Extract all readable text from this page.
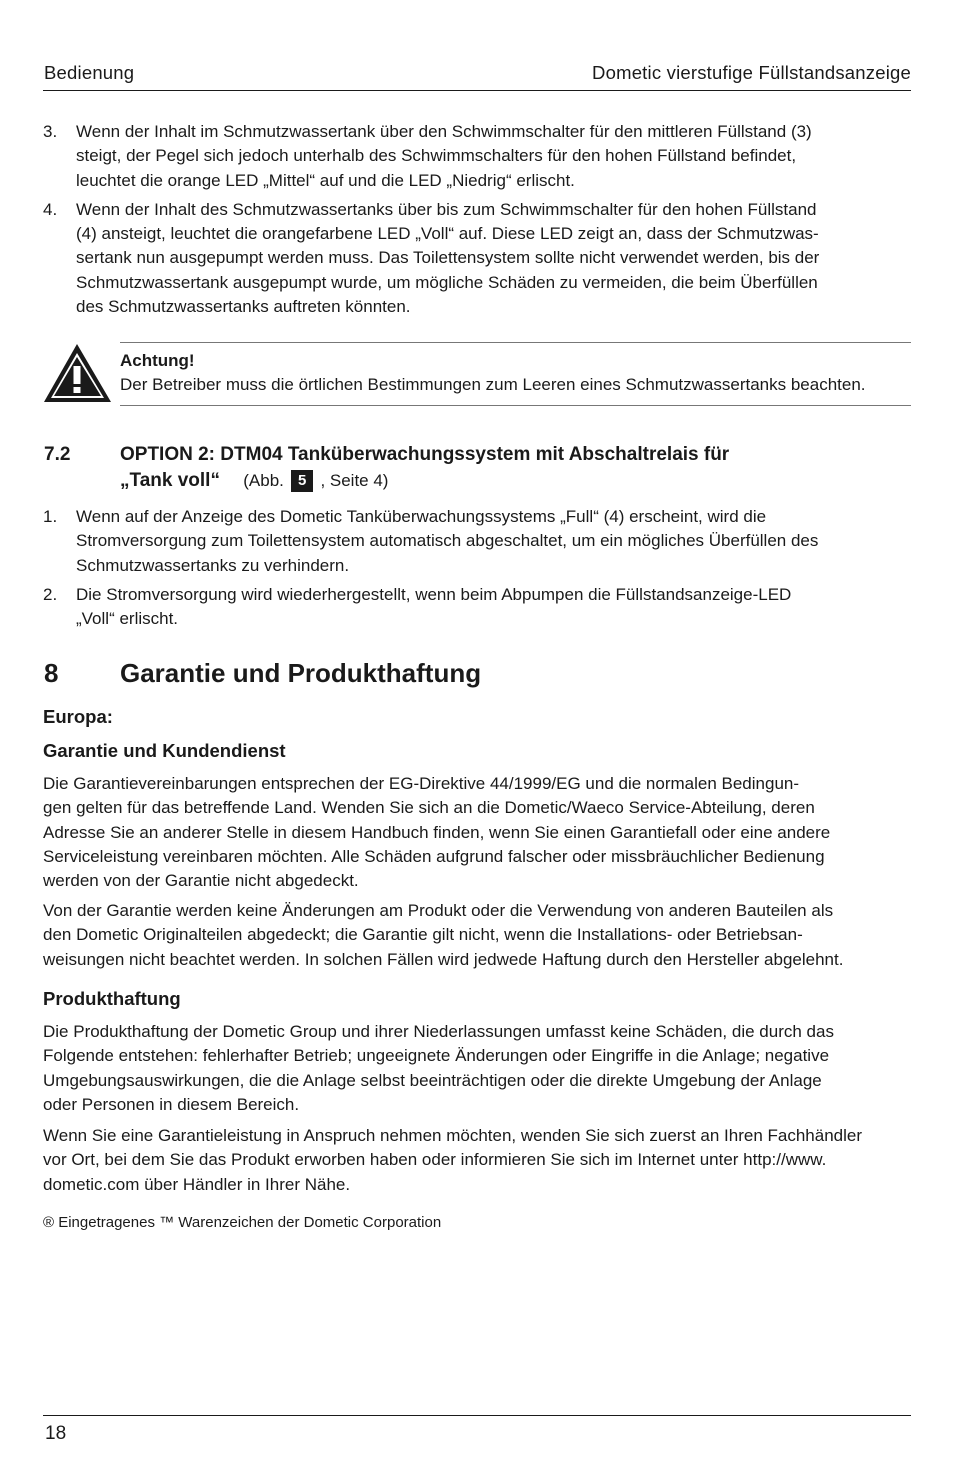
Bedienung	Dometic vierstufige Füllstandsanzeige
3. Wenn der Inhalt im Schmutzwassertank über den Schwimmschalter für den mittleren Füllstand (3)
steigt, der Pegel sich jedoch unterhalb des Schwimmschalters für den hohen Füllstand befindet,
leuchtet die orange LED „Mittel“ auf und die LED „Niedrig“ erlischt.
4. Wenn der Inhalt des Schmutzwassertanks über bis zum Schwimmschalter für den hohen Füllstand
(4) ansteigt, leuchtet die orangefarbene LED „Voll“ auf. Diese LED zeigt an, dass der Schmutzwas-
sertank nun ausgepumpt werden muss. Das Toilettensystem sollte nicht verwendet werden, bis der
Schmutzwassertank ausgepumpt wurde, um mögliche Schäden zu vermeiden, die beim Überfüllen
des Schmutzwassertanks auftreten könnten.
Achtung!
Der Betreiber muss die örtlichen Bestimmungen zum Leeren eines Schmutzwassertanks beachten.
7.2	OPTION 2: DTM04 Tanküberwachungssystem mit Abschaltrelais für
„Tank voll“ (Abb. 5 , Seite 4)
1. Wenn auf der Anzeige des Dometic Tanküberwachungssystems „Full“ (4) erscheint, wird die
Stromversorgung zum Toilettensystem automatisch abgeschaltet, um ein mögliches Überfüllen des
Schmutzwassertanks zu verhindern.
2. Die Stromversorgung wird wiederhergestellt, wenn beim Abpumpen die Füllstandsanzeige-LED
„Voll“ erlischt.
8 Garantie und Produkthaftung
Europa:
Garantie und Kundendienst
Die Garantievereinbarungen entsprechen der EG-Direktive 44/1999/EG und die normalen Bedingun-
gen gelten für das betreffende Land. Wenden Sie sich an die Dometic/Waeco Service-Abteilung, deren
Adresse Sie an anderer Stelle in diesem Handbuch finden, wenn Sie einen Garantiefall oder eine andere
Serviceleistung vereinbaren möchten. Alle Schäden aufgrund falscher oder missbräuchlicher Bedienung
werden von der Garantie nicht abgedeckt.
Von der Garantie werden keine Änderungen am Produkt oder die Verwendung von anderen Bauteilen als
den Dometic Originalteilen abgedeckt; die Garantie gilt nicht, wenn die Installations- oder Betriebsan-
weisungen nicht beachtet werden. In solchen Fällen wird jedwede Haftung durch den Hersteller abgelehnt.
Produkthaftung
Die Produkthaftung der Dometic Group und ihrer Niederlassungen umfasst keine Schäden, die durch das
Folgende entstehen: fehlerhafter Betrieb; ungeeignete Änderungen oder Eingriffe in die Anlage; negative
Umgebungsauswirkungen, die die Anlage selbst beeinträchtigen oder die direkte Umgebung der Anlage
oder Personen in diesem Bereich.
Wenn Sie eine Garantieleistung in Anspruch nehmen möchten, wenden Sie sich zuerst an Ihren Fachhändler
vor Ort, bei dem Sie das Produkt erworben haben oder informieren Sie sich im Internet unter http://www.
dometic.com über Händler in Ihrer Nähe.
® Eingetragenes ™ Warenzeichen der Dometic Corporation
18
